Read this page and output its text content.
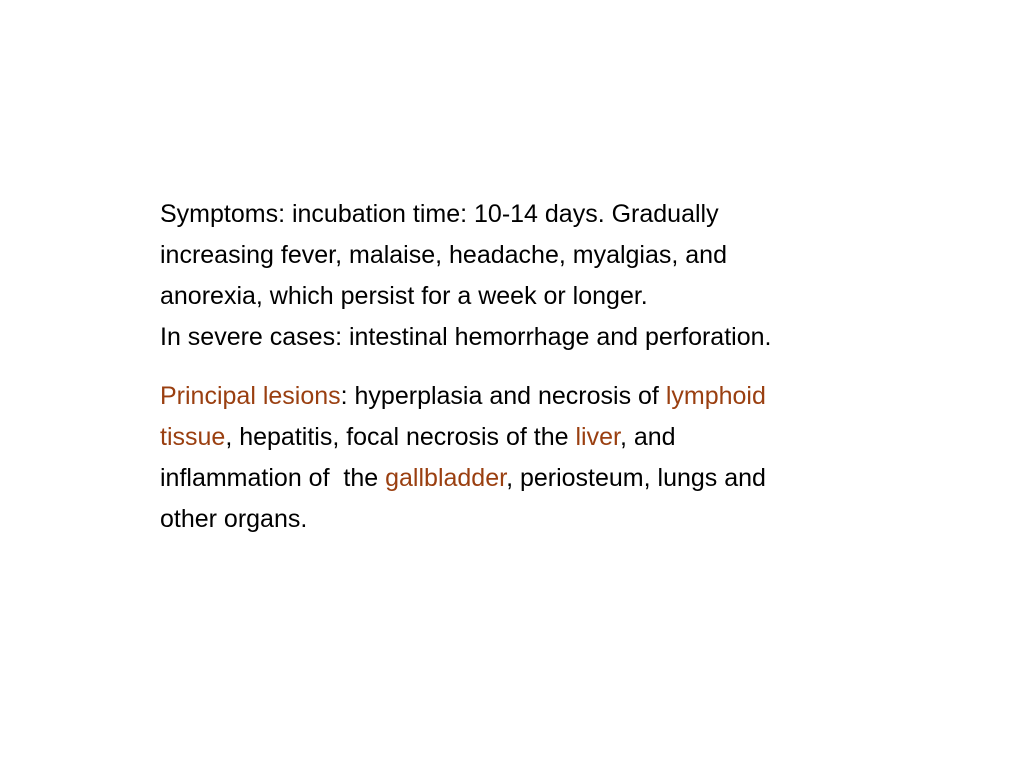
Symptoms: incubation time: 10-14 days. Gradually
increasing fever, malaise, headache, myalgias, and
anorexia, which persist for a week or longer.
In severe cases: intestinal hemorrhage and perforation.

Principal lesions: hyperplasia and necrosis of lymphoid
tissue, hepatitis, focal necrosis of the liver, and
inflammation of  the gallbladder, periosteum, lungs and
other organs.
